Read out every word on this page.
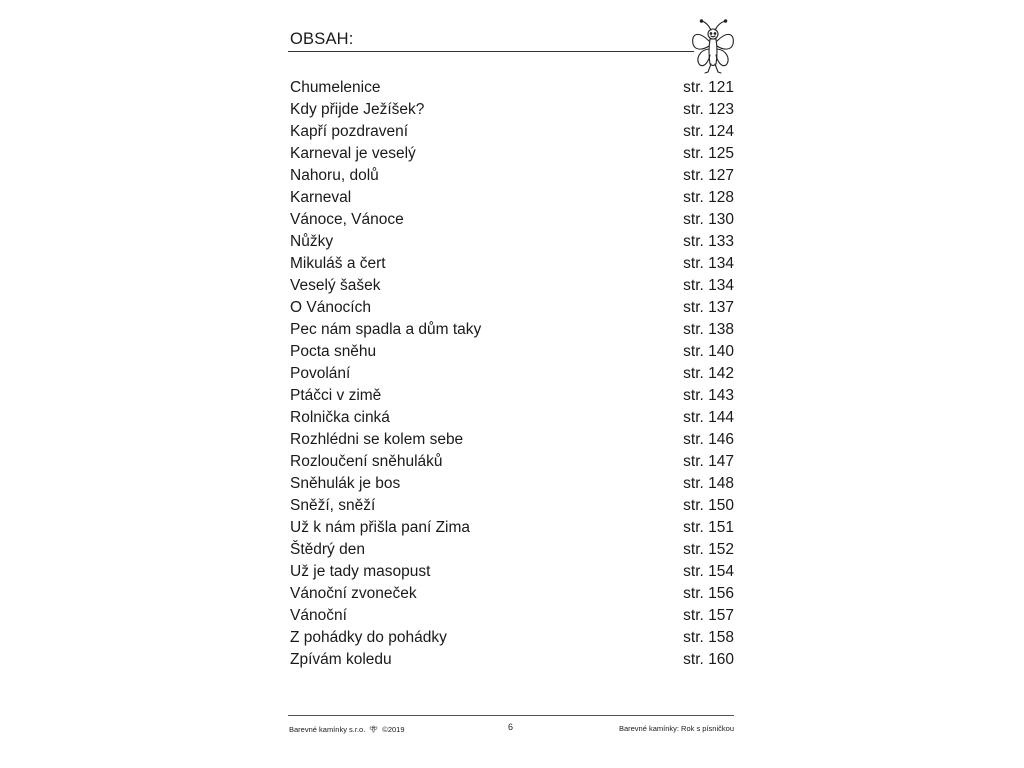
OBSAH:
Chumelenice	str. 121
Kdy přijde Ježíšek?	str. 123
Kapří pozdravení	str. 124
Karneval je veselý	str. 125
Nahoru, dolů	str. 127
Karneval	str. 128
Vánoce, Vánoce	str. 130
Nůžky	str. 133
Mikuláš a čert	str. 134
Veselý šašek	str. 134
O Vánocích	str. 137
Pec nám spadla a dům taky	str. 138
Pocta sněhu	str. 140
Povolání	str. 142
Ptáčci v zimě	str. 143
Rolnička cinká	str. 144
Rozhlédni se kolem sebe	str. 146
Rozloučení sněhuláků	str. 147
Sněhulák je bos	str. 148
Sněží, sněží	str. 150
Už k nám přišla paní Zima	str. 151
Štědrý den	str. 152
Už je tady masopust	str. 154
Vánoční zvoneček	str. 156
Vánoční	str. 157
Z pohádky do pohádky	str. 158
Zpívám koledu	str. 160
Barevné kamínky s.r.o. ©2019	6	Barevné kamínky: Rok s písničkou
